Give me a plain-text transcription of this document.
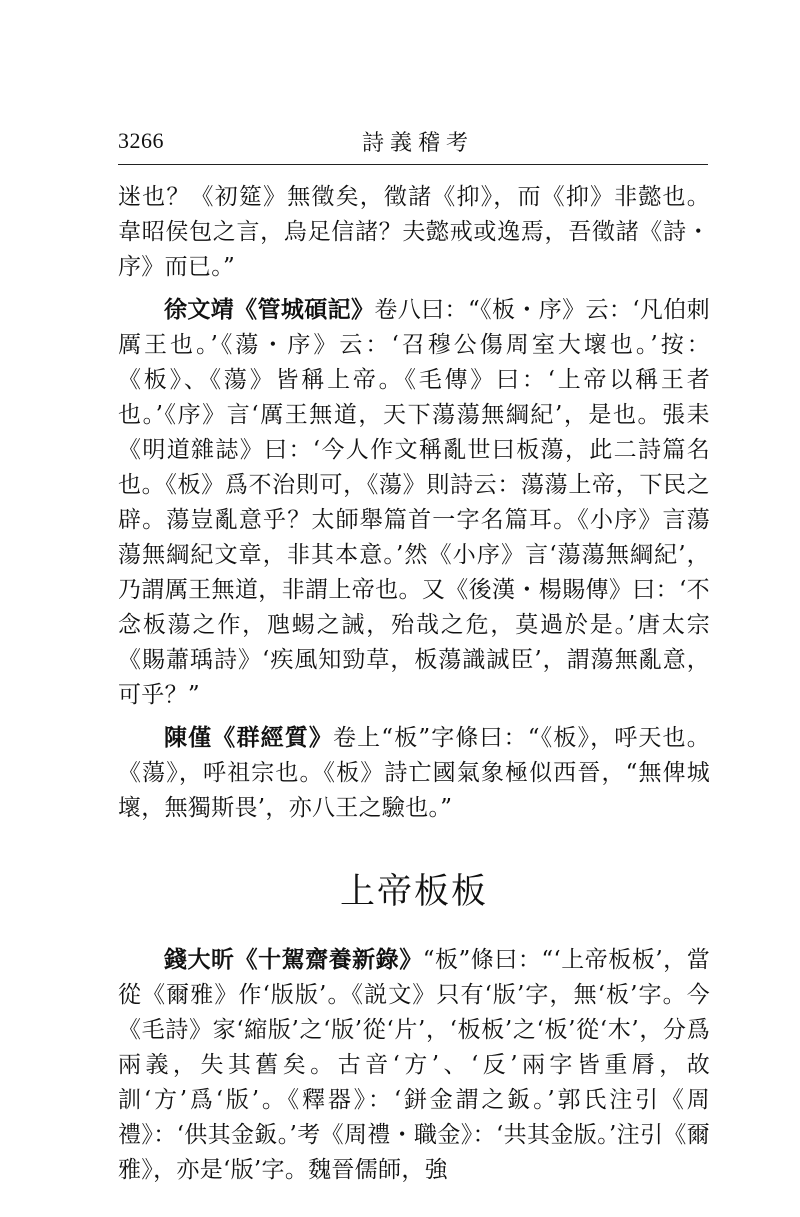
3266	詩義稽考

迷也？《初筵》無徵矣，徵諸《抑》，而《抑》非懿也。韋昭侯包之言，烏足信諸？夫懿戒或逸焉，吾徵諸《詩・序》而已。”

徐文靖《管城碩記》卷八曰：“《板・序》云：‘凡伯刺厲王也。’《蕩・序》云：‘召穆公傷周室大壞也。’按：《板》、《蕩》皆稱上帝。《毛傳》曰：‘上帝以稱王者也。’《序》言‘厲王無道，天下蕩蕩無綱紀’，是也。張耒《明道雜誌》曰：‘今人作文稱亂世曰板蕩，此二詩篇名也。《板》爲不治則可，《蕩》則詩云：蕩蕩上帝，下民之辟。蕩豈亂意乎？太師舉篇首一字名篇耳。《小序》言蕩蕩無綱紀文章，非其本意。’然《小序》言‘蕩蕩無綱紀’，乃謂厲王無道，非謂上帝也。又《後漢・楊賜傳》曰：‘不念板蕩之作，虺蜴之誡，殆哉之危，莫過於是。’唐太宗《賜蕭瑀詩》‘疾風知勁草，板蕩識誠臣’，謂蕩無亂意，可乎？”

陳僅《群經質》卷上“板”字條曰：“《板》，呼天也。《蕩》，呼祖宗也。《板》詩亡國氣象極似西晉，“無俾城壞，無獨斯畏’，亦八王之驗也。”

上帝板板

錢大昕《十駕齋養新錄》“板”條曰：“‘上帝板板’，當從《爾雅》作‘版版’。《説文》只有‘版’字，無‘板’字。今《毛詩》家‘縮版’之‘版’從‘片’，‘板板’之‘板’從‘木’，分爲兩義，失其舊矣。古音‘方’、‘反’兩字皆重脣，故訓‘方’爲‘版’。《釋器》：‘鉼金謂之鈑。’郭氏注引《周禮》：‘供其金鈑。’考《周禮・職金》：‘共其金版。’注引《爾雅》，亦是‘版’字。魏晉儒師，強
